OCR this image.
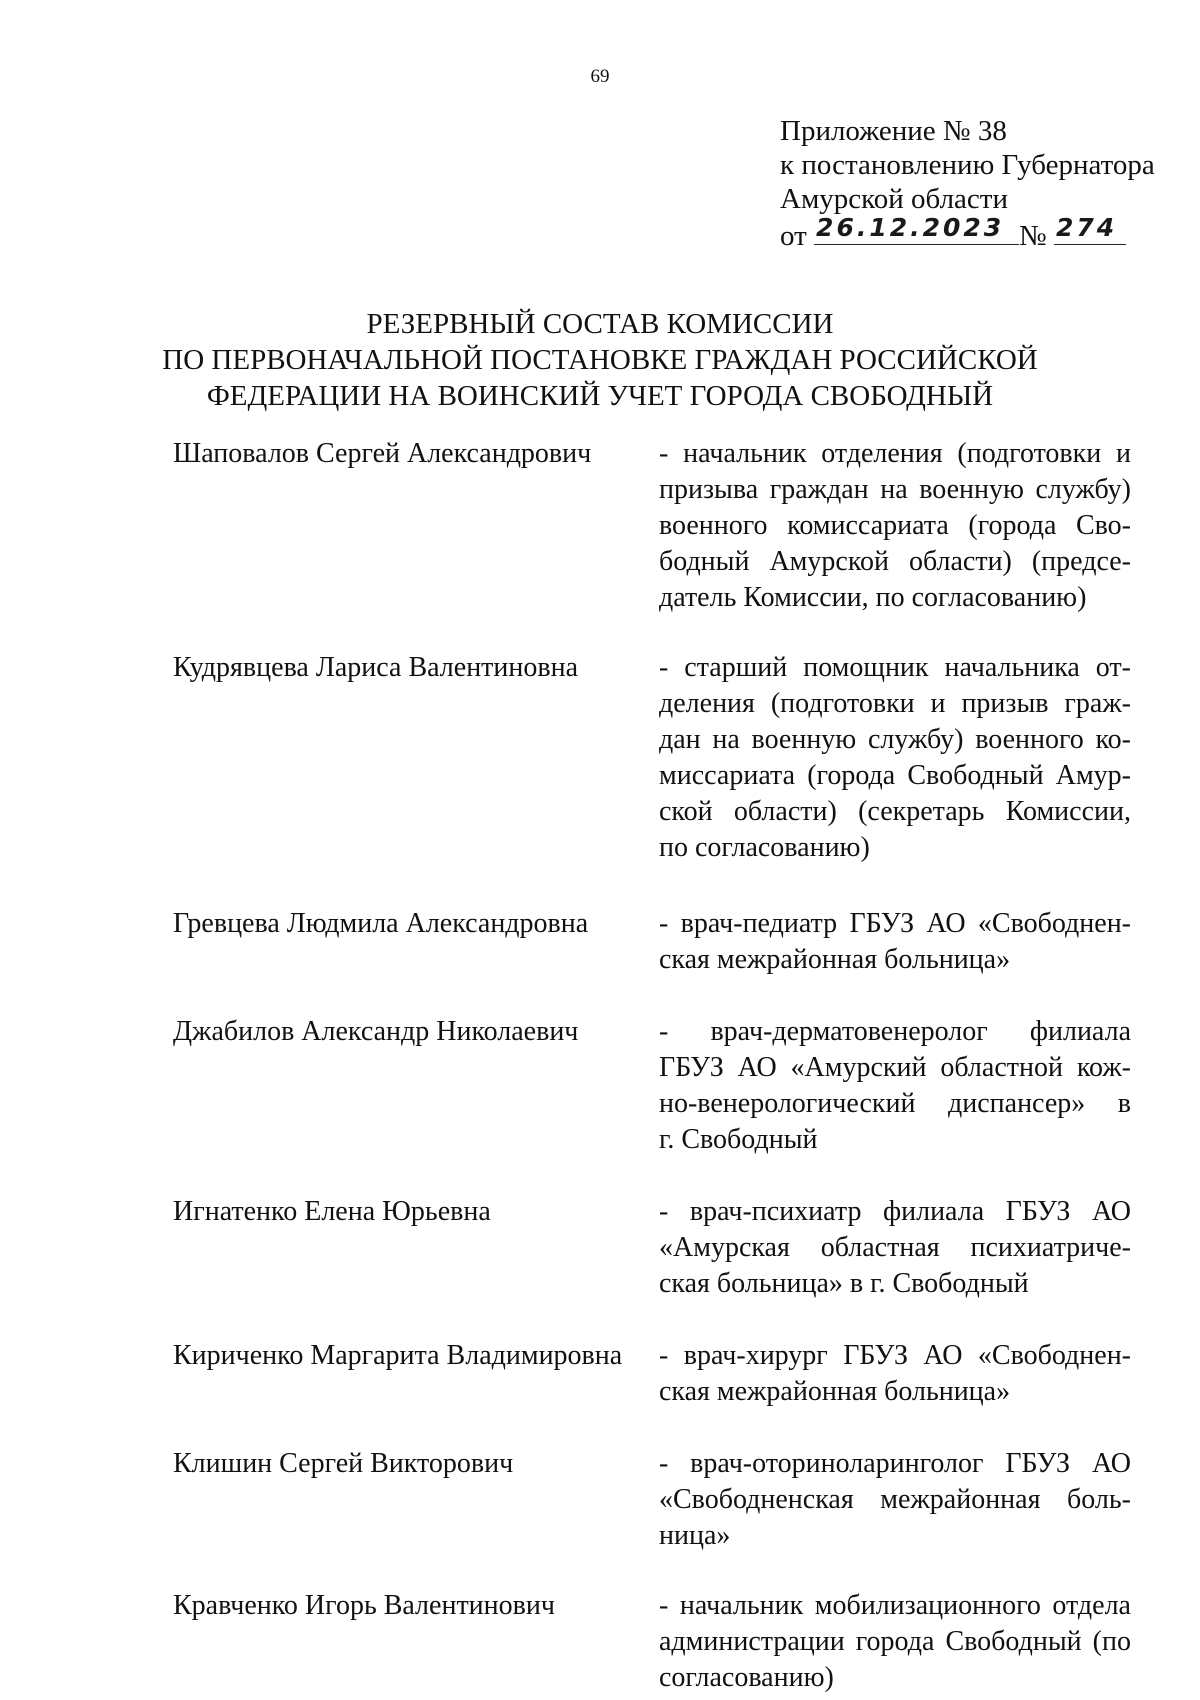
69
Приложение № 38
к постановлению Губернатора
Амурской области
от 26.12.2023 № 274
РЕЗЕРВНЫЙ СОСТАВ КОМИССИИ
ПО ПЕРВОНАЧАЛЬНОЙ ПОСТАНОВКЕ ГРАЖДАН РОССИЙСКОЙ
ФЕДЕРАЦИИ НА ВОИНСКИЙ УЧЕТ ГОРОДА СВОБОДНЫЙ
Шаповалов Сергей Александрович	- начальник отделения (подготовки и
призыва граждан на военную службу)
военного комиссариата (города Сво-
бодный Амурской области) (предсе-
датель Комиссии, по согласованию)
Кудрявцева Лариса Валентиновна	- старший помощник начальника от-
деления (подготовки и призыв граж-
дан на военную службу) военного ко-
миссариата (города Свободный Амур-
ской области) (секретарь Комиссии,
по согласованию)
Гревцева Людмила Александровна	- врач-педиатр ГБУЗ АО «Свободнен-
ская межрайонная больница»
Джабилов Александр Николаевич	- врач-дерматовенеролог филиала
ГБУЗ АО «Амурский областной кож-
но-венерологический диспансер» в
г. Свободный
Игнатенко Елена Юрьевна	- врач-психиатр филиала ГБУЗ АО
«Амурская областная психиатриче-
ская больница» в г. Свободный
Кириченко Маргарита Владимировна	- врач-хирург ГБУЗ АО «Свободнен-
ская межрайонная больница»
Клишин Сергей Викторович	- врач-оториноларинголог ГБУЗ АО
«Свободненская межрайонная боль-
ница»
Кравченко Игорь Валентинович	- начальник мобилизационного отдела
администрации города Свободный (по
согласованию)
